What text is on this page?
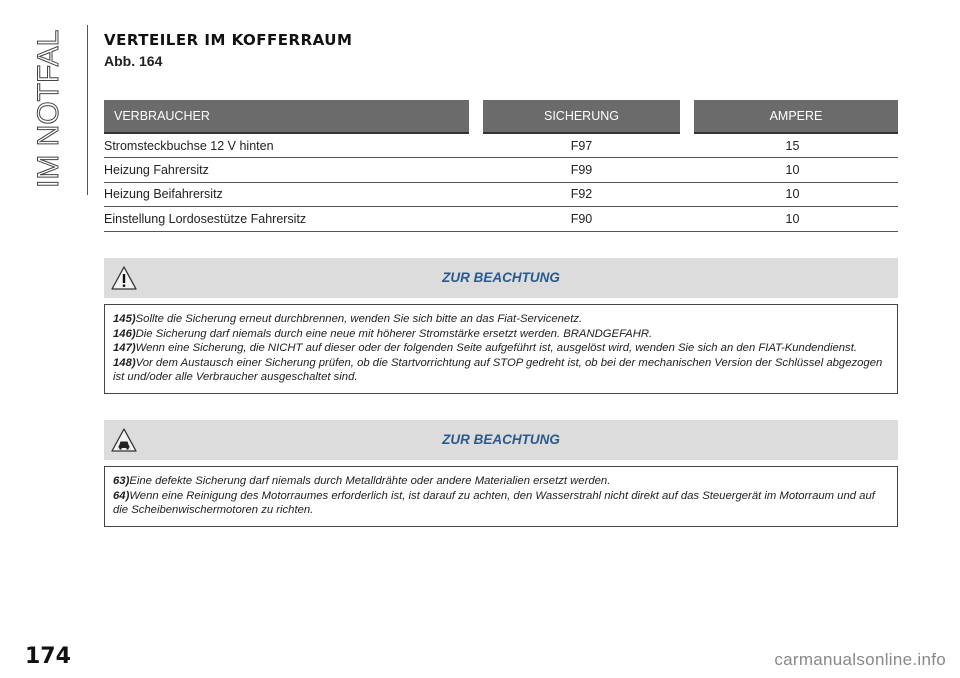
IM NOTFALL	VERTEILER IM KOFFERRAUM
Abb. 164
VERBRAUCHER	SICHERUNG	AMPERE
Stromsteckbuchse 12 V hinten	F97	15
Heizung Fahrersitz	F99	10
Heizung Beifahrersitz	F92	10
Einstellung Lordosestütze Fahrersitz	F90	10
ZUR BEACHTUNG

145)Sollte die Sicherung erneut durchbrennen, wenden Sie sich bitte an das Fiat-Servicenetz.

146)Die Sicherung darf niemals durch eine neue mit höherer Stromstärke ersetzt werden. BRANDGEFAHR.

147)Wenn eine Sicherung, die NICHT auf dieser oder der folgenden Seite aufgeführt ist, ausgelöst wird, wenden Sie sich an den FIAT-Kundendienst.

148)Vor dem Austausch einer Sicherung prüfen, ob die Startvorrichtung auf STOP gedreht ist, ob bei der mechanischen Version der Schlüssel abgezogen ist und/oder alle Verbraucher ausgeschaltet sind.

ZUR BEACHTUNG

63)Eine defekte Sicherung darf niemals durch Metalldrähte oder andere Materialien ersetzt werden.

64)Wenn eine Reinigung des Motorraumes erforderlich ist, ist darauf zu achten, den Wasserstrahl nicht direkt auf das Steuergerät im Motorraum und auf die Scheibenwischermotoren zu richten.

174	carmanualsonline.info
